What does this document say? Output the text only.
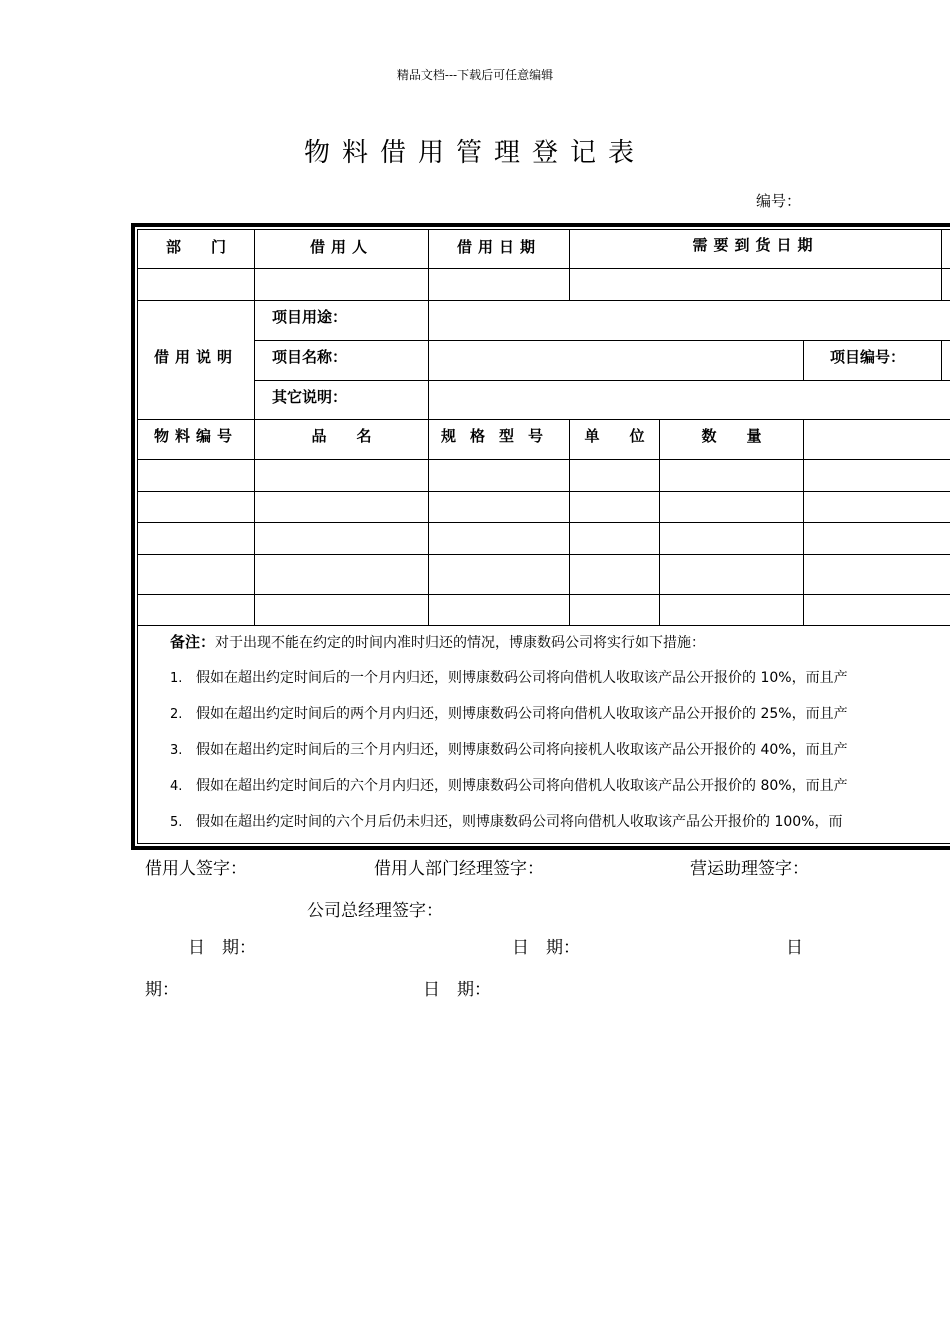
精品文档---下载后可任意编辑
物料借用管理登记表
编号：
部　　门	借用人	借用日期	需要到货日期
借用说明
项目用途：
项目名称：	项目编号：
其它说明：
物料编号	品　　名	规格型号	单　　位	数　　量
备注：对于出现不能在约定的时间内准时归还的情况，博康数码公司将实行如下措施：
1. 假如在超出约定时间后的一个月内归还，则博康数码公司将向借机人收取该产品公开报价的 10%，而且产
2. 假如在超出约定时间后的两个月内归还，则博康数码公司将向借机人收取该产品公开报价的 25%，而且产
3. 假如在超出约定时间后的三个月内归还，则博康数码公司将向接机人收取该产品公开报价的 40%，而且产
4. 假如在超出约定时间后的六个月内归还，则博康数码公司将向借机人收取该产品公开报价的 80%，而且产
5. 假如在超出约定时间的六个月后仍未归还，则博康数码公司将向借机人收取该产品公开报价的 100%，而
借用人签字：	借用人部门经理签字：	营运助理签字：
公司总经理签字：
日　期：	日　期：	日
期：	日　期：
